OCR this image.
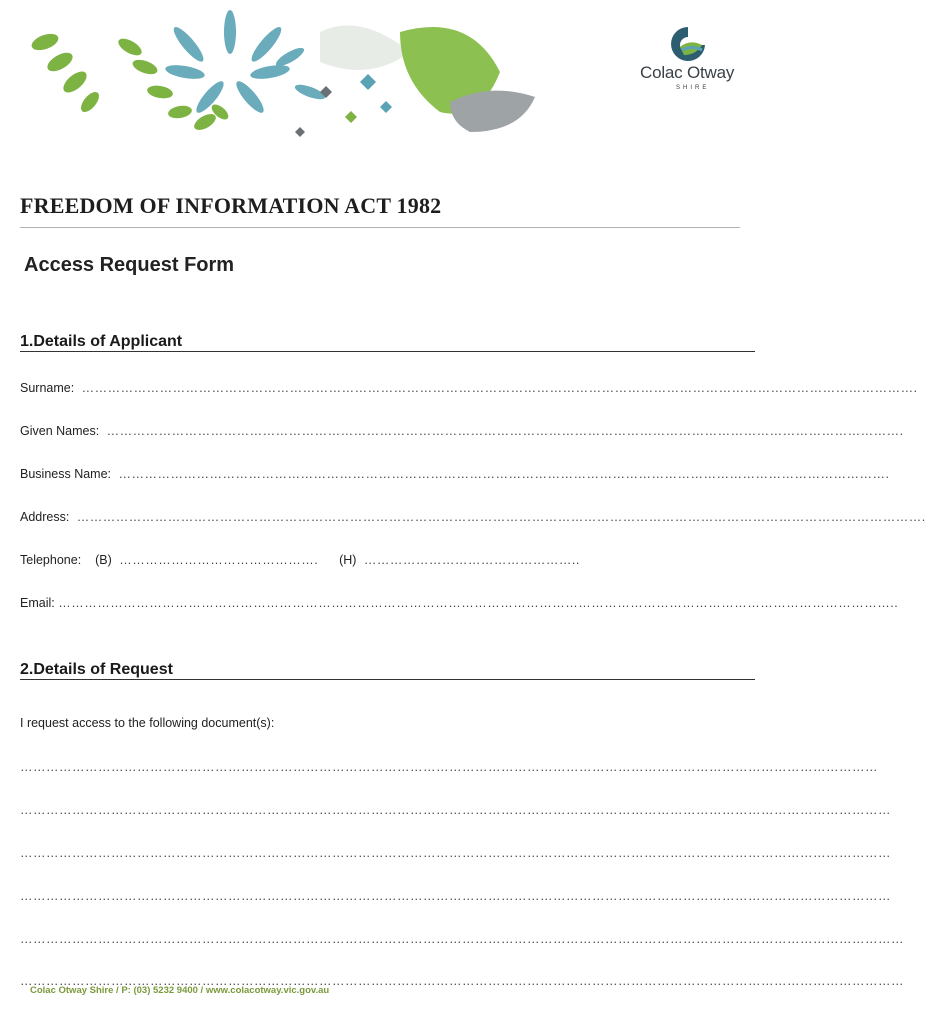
Colac Otway
SHIRE
FREEDOM OF INFORMATION ACT 1982
Access Request Form
1.Details of Applicant
Surname:  ………………………………………………………………………………………………………………………………………………………………………….
Given Names:  ………………………………………………………………………………………………………………………………………………………………….
Business Name:  …………………………………………………………………………………………………………………………………………………………….
Address:  …………………………………………………………………………………………………………………………………………………………………………….
Telephone: (B)  ………………………………………. (H)  …………………………………………..
Email: …………………………………………………………………………………………………………………………………………………………………………..
2.Details of Request
I request access to the following document(s):
………………………………………………………………………………………………………………………………………………………………………………
…………………………………………………………………………………………………………………………………………………………………………………
…………………………………………………………………………………………………………………………………………………………………………………
…………………………………………………………………………………………………………………………………………………………………………………
……………………………………………………………………………………………………………………………………………………………………………………
……………………………………………………………………………………………………………………………………………………………………………………
Colac Otway Shire / P: (03) 5232 9400 / www.colacotway.vic.gov.au
